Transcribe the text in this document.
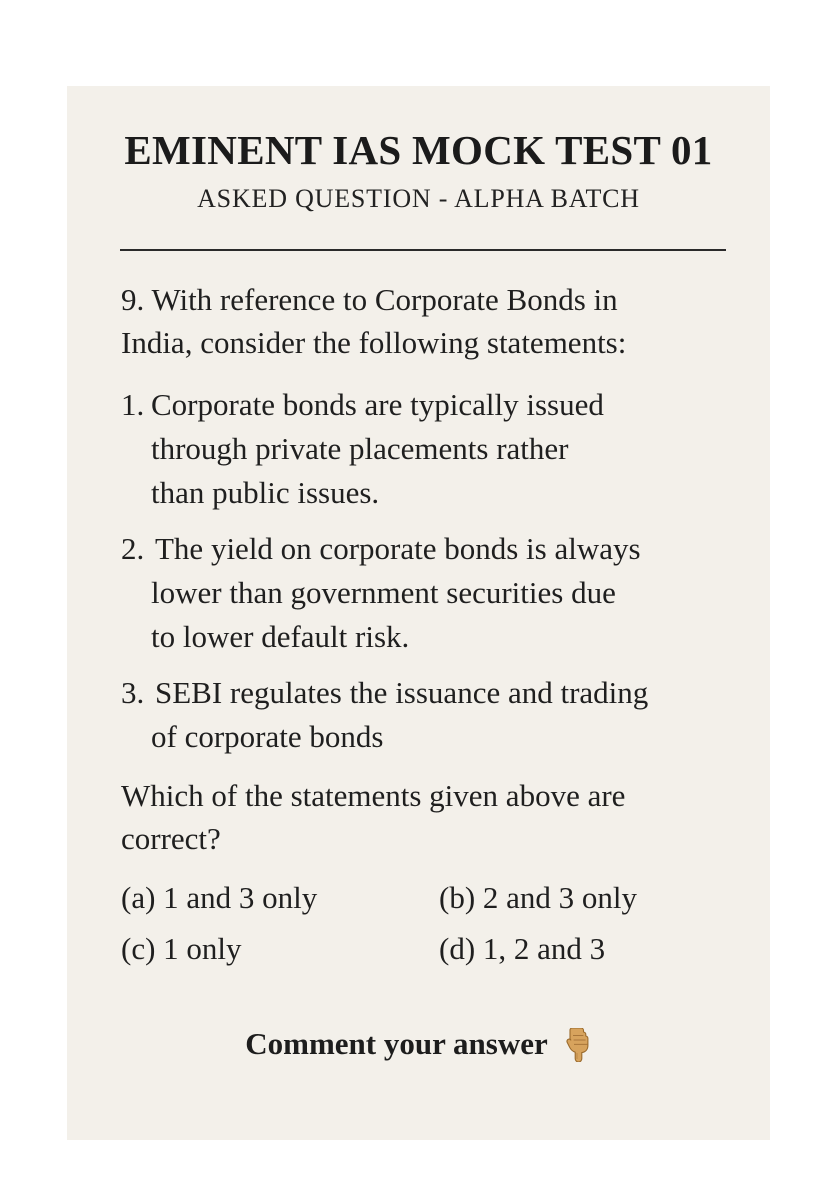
EMINENT IAS MOCK TEST 01
ASKED QUESTION - ALPHA BATCH
9. With reference to Corporate Bonds in
India, consider the following statements:
1. Corporate bonds are typically issued
through private placements rather
than public issues.
2. The yield on corporate bonds is always
lower than government securities due
to lower default risk.
3. SEBI regulates the issuance and trading
of corporate bonds
Which of the statements given above are
correct?
(a) 1 and 3 only	(b) 2 and 3 only
(c) 1 only	(d) 1, 2 and 3
Comment your answer
